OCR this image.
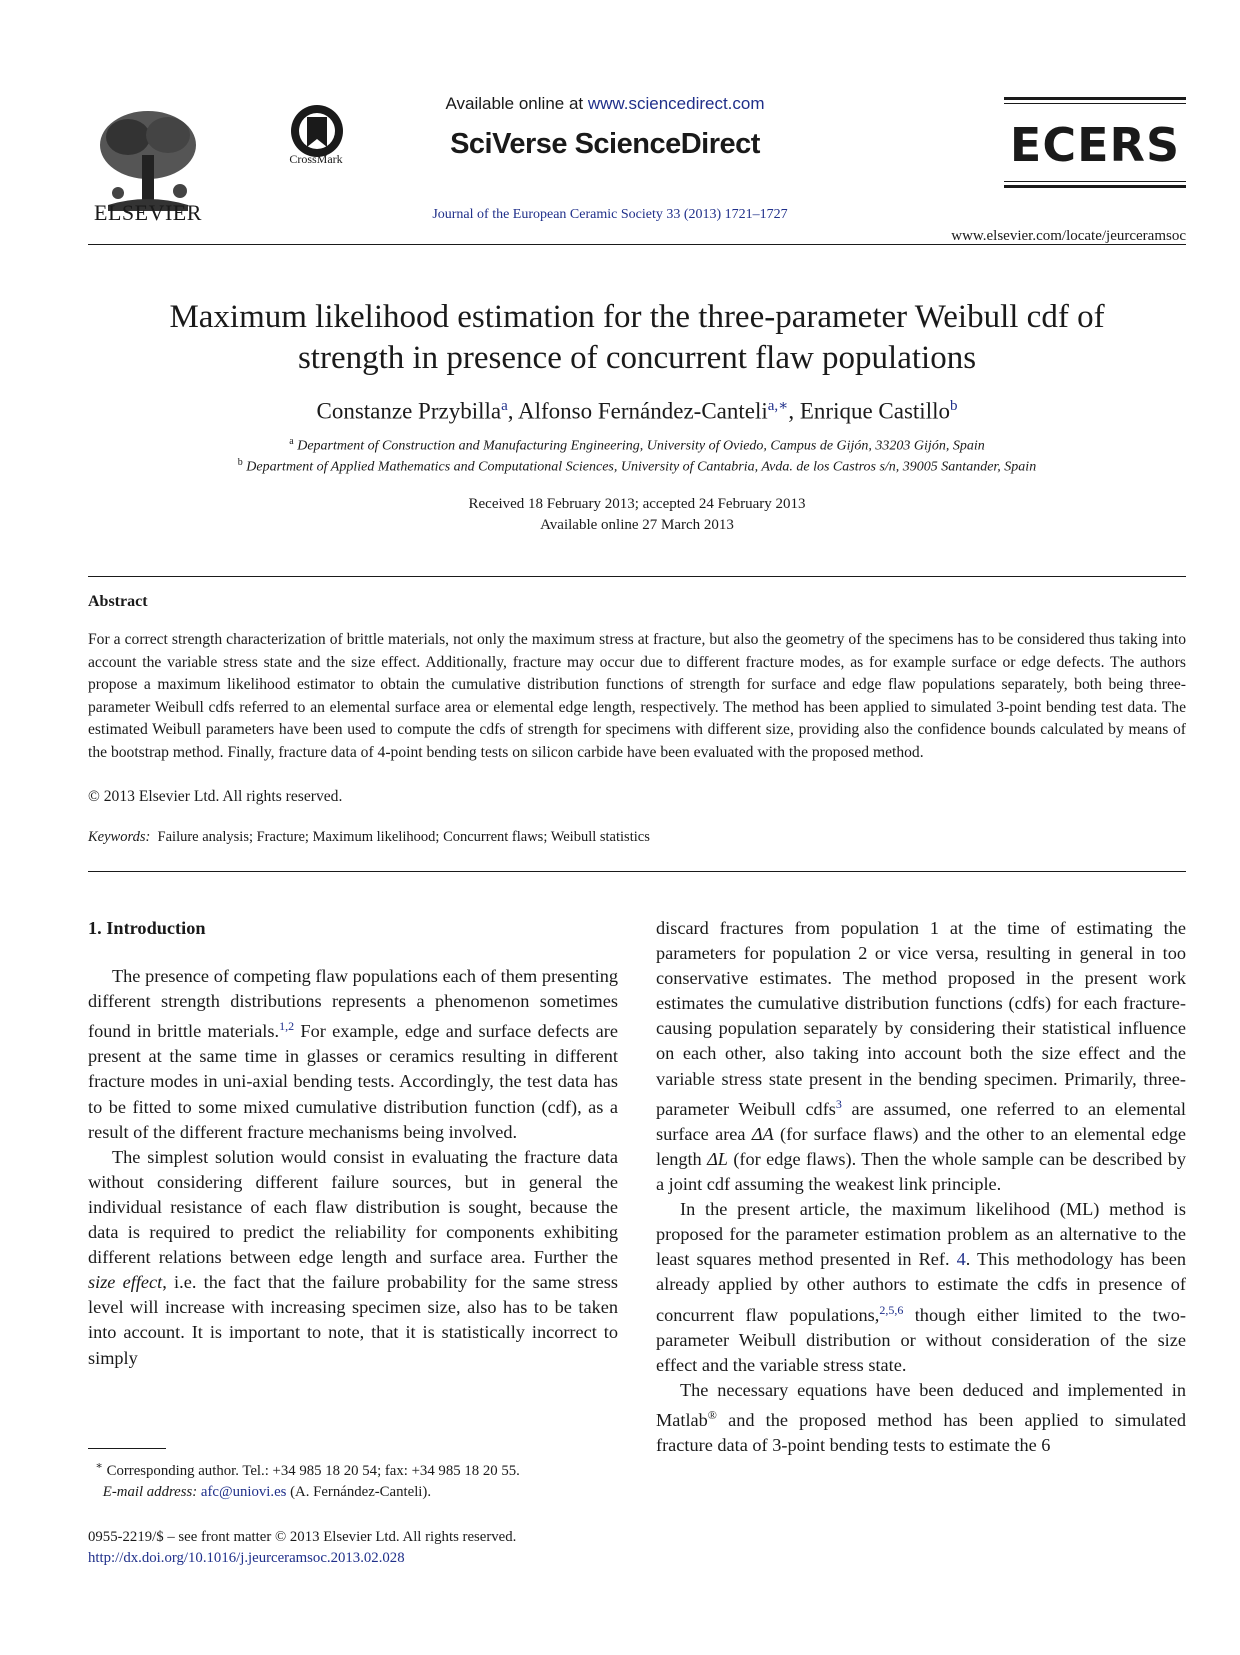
ELSEVIER
CrossMark
Available online at www.sciencedirect.com
SciVerse ScienceDirect
Journal of the European Ceramic Society 33 (2013) 1721–1727
ECERS
www.elsevier.com/locate/jeurceramsoc
Maximum likelihood estimation for the three-parameter Weibull cdf of
strength in presence of concurrent flaw populations
Constanze Przybilla$^a$, Alfonso Fernández-Canteli$^{a,∗}$, Enrique Castillo$^b$
$^a$ Department of Construction and Manufacturing Engineering, University of Oviedo, Campus de Gijón, 33203 Gijón, Spain
$^b$ Department of Applied Mathematics and Computational Sciences, University of Cantabria, Avda. de los Castros s/n, 39005 Santander, Spain
Received 18 February 2013; accepted 24 February 2013
Available online 27 March 2013
Abstract
For a correct strength characterization of brittle materials, not only the maximum stress at fracture, but also the geometry of the specimens has to be considered thus taking into account the variable stress state and the size effect. Additionally, fracture may occur due to different fracture modes, as for example surface or edge defects. The authors propose a maximum likelihood estimator to obtain the cumulative distribution functions of strength for surface and edge flaw populations separately, both being three-parameter Weibull cdfs referred to an elemental surface area or elemental edge length, respectively. The method has been applied to simulated 3-point bending test data. The estimated Weibull parameters have been used to compute the cdfs of strength for specimens with different size, providing also the confidence bounds calculated by means of the bootstrap method. Finally, fracture data of 4-point bending tests on silicon carbide have been evaluated with the proposed method.
© 2013 Elsevier Ltd. All rights reserved.
Keywords: Failure analysis; Fracture; Maximum likelihood; Concurrent flaws; Weibull statistics
1. Introduction

The presence of competing flaw populations each of them presenting different strength distributions represents a phenomenon sometimes found in brittle materials.$^{1,2}$ For example, edge and surface defects are present at the same time in glasses or ceramics resulting in different fracture modes in uni-axial bending tests. Accordingly, the test data has to be fitted to some mixed cumulative distribution function (cdf), as a result of the different fracture mechanisms being involved.

The simplest solution would consist in evaluating the fracture data without considering different failure sources, but in general the individual resistance of each flaw distribution is sought, because the data is required to predict the reliability for components exhibiting different relations between edge length and surface area. Further the size effect, i.e. the fact that the failure probability for the same stress level will increase with increasing specimen size, also has to be taken into account. It is important to note, that it is statistically incorrect to simply

discard fractures from population 1 at the time of estimating the parameters for population 2 or vice versa, resulting in general in too conservative estimates. The method proposed in the present work estimates the cumulative distribution functions (cdfs) for each fracture-causing population separately by considering their statistical influence on each other, also taking into account both the size effect and the variable stress state present in the bending specimen. Primarily, three-parameter Weibull cdfs$^3$ are assumed, one referred to an elemental surface area ΔA (for surface flaws) and the other to an elemental edge length ΔL (for edge flaws). Then the whole sample can be described by a joint cdf assuming the weakest link principle.

In the present article, the maximum likelihood (ML) method is proposed for the parameter estimation problem as an alternative to the least squares method presented in Ref. 4. This methodology has been already applied by other authors to estimate the cdfs in presence of concurrent flaw populations,$^{2,5,6}$ though either limited to the two-parameter Weibull distribution or without consideration of the size effect and the variable stress state.

The necessary equations have been deduced and implemented in Matlab® and the proposed method has been applied to simulated fracture data of 3-point bending tests to estimate the 6

∗ Corresponding author. Tel.: +34 985 18 20 54; fax: +34 985 18 20 55.
E-mail address: afc@uniovi.es (A. Fernández-Canteli).
0955-2219/$ – see front matter © 2013 Elsevier Ltd. All rights reserved.
http://dx.doi.org/10.1016/j.jeurceramsoc.2013.02.028
